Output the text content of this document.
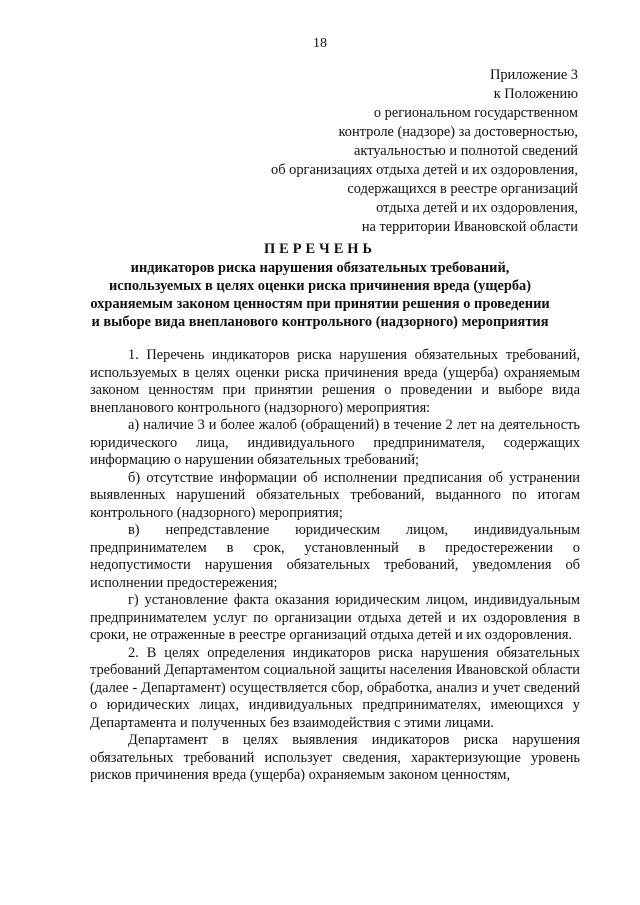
18
Приложение 3
к Положению
о региональном государственном
контроле (надзоре) за достоверностью,
актуальностью и полнотой сведений
об организациях отдыха детей и их оздоровления,
содержащихся в реестре организаций
отдыха детей и их оздоровления,
на территории Ивановской области
ПЕРЕЧЕНЬ
индикаторов риска нарушения обязательных требований,
используемых в целях оценки риска причинения вреда (ущерба)
охраняемым законом ценностям при принятии решения о проведении
и выборе вида внепланового контрольного (надзорного) мероприятия

1. Перечень индикаторов риска нарушения обязательных требований, используемых в целях оценки риска причинения вреда (ущерба) охраняемым законом ценностям при принятии решения о проведении и выборе вида внепланового контрольного (надзорного) мероприятия:

а) наличие 3 и более жалоб (обращений) в течение 2 лет на деятельность юридического лица, индивидуального предпринимателя, содержащих информацию о нарушении обязательных требований;

б) отсутствие информации об исполнении предписания об устранении выявленных нарушений обязательных требований, выданного по итогам контрольного (надзорного) мероприятия;

в) непредставление юридическим лицом, индивидуальным предпринимателем в срок, установленный в предостережении о недопустимости нарушения обязательных требований, уведомления об исполнении предостережения;

г) установление факта оказания юридическим лицом, индивидуальным предпринимателем услуг по организации отдыха детей и их оздоровления в сроки, не отраженные в реестре организаций отдыха детей и их оздоровления.

2. В целях определения индикаторов риска нарушения обязательных требований Департаментом социальной защиты населения Ивановской области (далее - Департамент) осуществляется сбор, обработка, анализ и учет сведений о юридических лицах, индивидуальных предпринимателях, имеющихся у Департамента и полученных без взаимодействия с этими лицами.

Департамент в целях выявления индикаторов риска нарушения обязательных требований использует сведения, характеризующие уровень рисков причинения вреда (ущерба) охраняемым законом ценностям,
